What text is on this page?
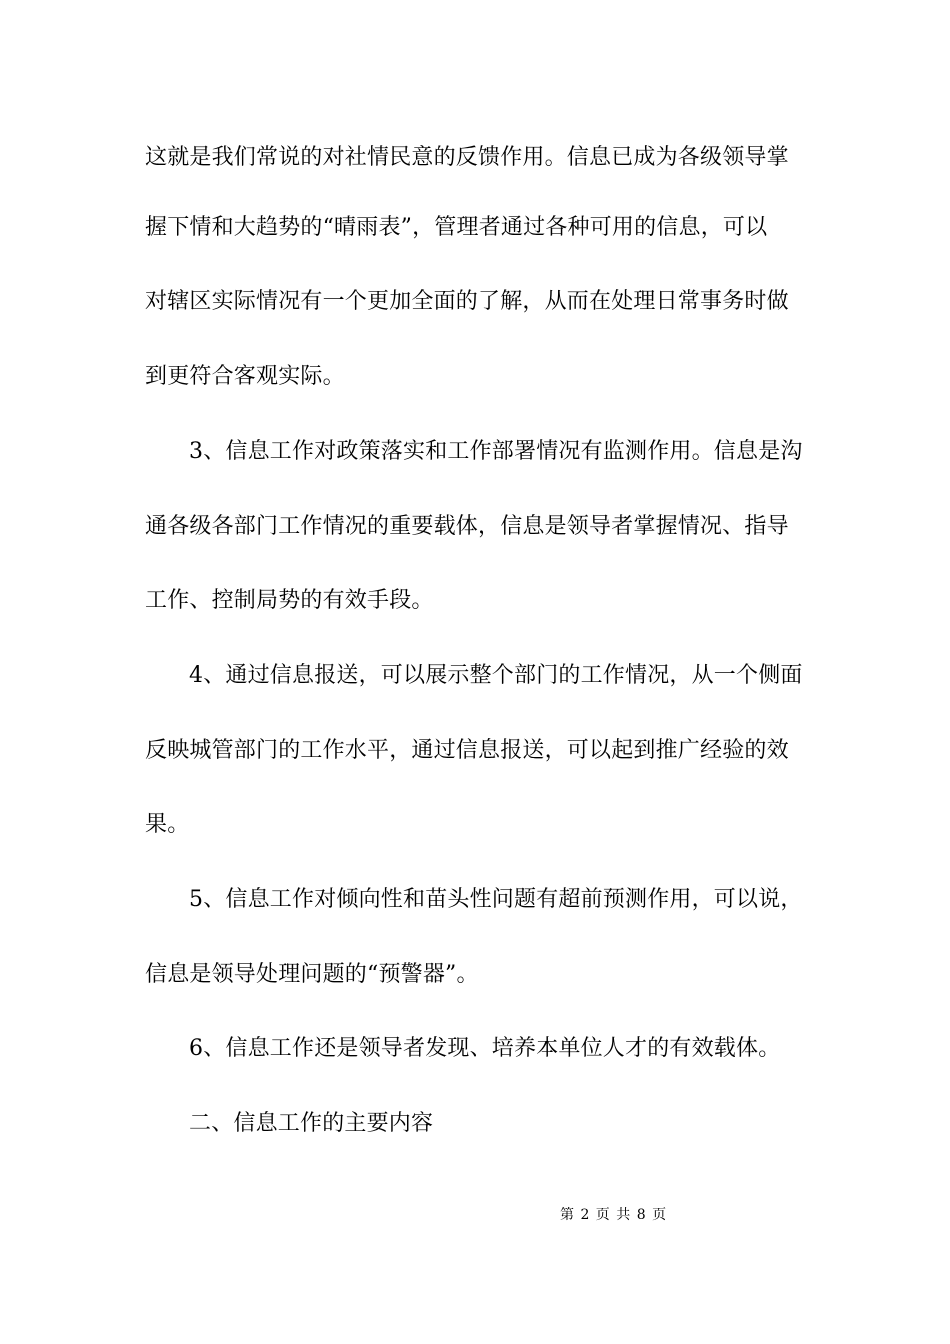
这就是我们常说的对社情民意的反馈作用。信息已成为各级领导掌
握下情和大趋势的“晴雨表”，管理者通过各种可用的信息，可以
对辖区实际情况有一个更加全面的了解，从而在处理日常事务时做
到更符合客观实际。
3、信息工作对政策落实和工作部署情况有监测作用。信息是沟
通各级各部门工作情况的重要载体，信息是领导者掌握情况、指导
工作、控制局势的有效手段。
4、通过信息报送，可以展示整个部门的工作情况，从一个侧面
反映城管部门的工作水平，通过信息报送，可以起到推广经验的效
果。
5、信息工作对倾向性和苗头性问题有超前预测作用，可以说，
信息是领导处理问题的“预警器”。
6、信息工作还是领导者发现、培养本单位人才的有效载体。
二、信息工作的主要内容
第 2 页 共 8 页
